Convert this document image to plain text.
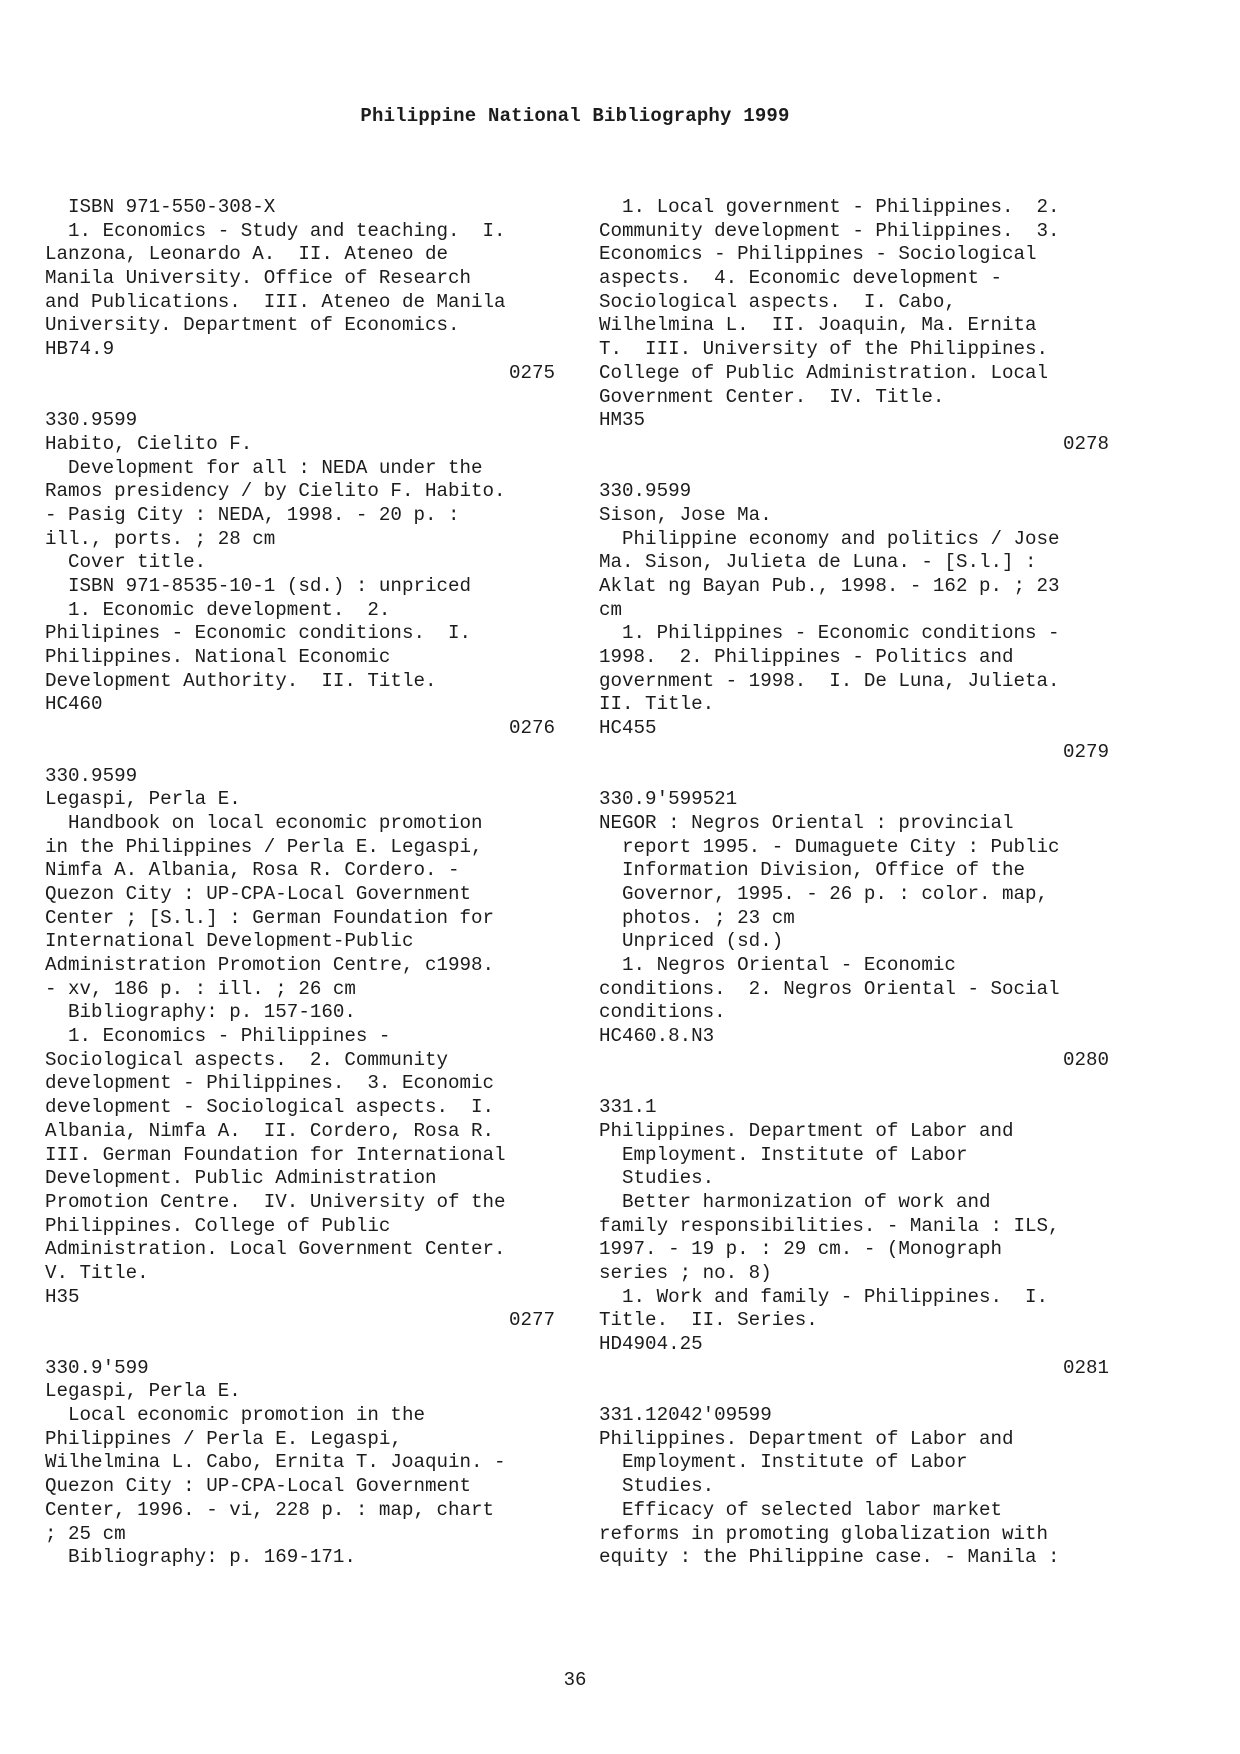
Philippine National Bibliography 1999
ISBN 971-550-308-X
1. Economics - Study and teaching.  I.
Lanzona, Leonardo A.  II. Ateneo de
Manila University. Office of Research
and Publications.  III. Ateneo de Manila
University. Department of Economics.
HB74.9
0275
330.9599
Habito, Cielito F.
Development for all : NEDA under the
Ramos presidency / by Cielito F. Habito.
- Pasig City : NEDA, 1998. - 20 p. :
ill., ports. ; 28 cm
Cover title.
ISBN 971-8535-10-1 (sd.) : unpriced
1. Economic development.  2.
Philipines - Economic conditions.  I.
Philippines. National Economic
Development Authority.  II. Title.
HC460
0276
330.9599
Legaspi, Perla E.
Handbook on local economic promotion
in the Philippines / Perla E. Legaspi,
Nimfa A. Albania, Rosa R. Cordero. -
Quezon City : UP-CPA-Local Government
Center ; [S.l.] : German Foundation for
International Development-Public
Administration Promotion Centre, c1998.
- xv, 186 p. : ill. ; 26 cm
Bibliography: p. 157-160.
1. Economics - Philippines -
Sociological aspects.  2. Community
development - Philippines.  3. Economic
development - Sociological aspects.  I.
Albania, Nimfa A.  II. Cordero, Rosa R.
III. German Foundation for International
Development. Public Administration
Promotion Centre.  IV. University of the
Philippines. College of Public
Administration. Local Government Center.
V. Title.
H35
0277
330.9'599
Legaspi, Perla E.
Local economic promotion in the
Philippines / Perla E. Legaspi,
Wilhelmina L. Cabo, Ernita T. Joaquin. -
Quezon City : UP-CPA-Local Government
Center, 1996. - vi, 228 p. : map, chart
; 25 cm
Bibliography: p. 169-171.
1. Local government - Philippines.  2.
Community development - Philippines.  3.
Economics - Philippines - Sociological
aspects.  4. Economic development -
Sociological aspects.  I. Cabo,
Wilhelmina L.  II. Joaquin, Ma. Ernita
T.  III. University of the Philippines.
College of Public Administration. Local
Government Center.  IV. Title.
HM35
0278
330.9599
Sison, Jose Ma.
Philippine economy and politics / Jose
Ma. Sison, Julieta de Luna. - [S.l.] :
Aklat ng Bayan Pub., 1998. - 162 p. ; 23
cm
1. Philippines - Economic conditions -
1998.  2. Philippines - Politics and
government - 1998.  I. De Luna, Julieta.
II. Title.
HC455
0279
330.9'599521
NEGOR : Negros Oriental : provincial
report 1995. - Dumaguete City : Public
Information Division, Office of the
Governor, 1995. - 26 p. : color. map,
photos. ; 23 cm
Unpriced (sd.)
1. Negros Oriental - Economic
conditions.  2. Negros Oriental - Social
conditions.
HC460.8.N3
0280
331.1
Philippines. Department of Labor and
Employment. Institute of Labor
Studies.
Better harmonization of work and
family responsibilities. - Manila : ILS,
1997. - 19 p. : 29 cm. - (Monograph
series ; no. 8)
1. Work and family - Philippines.  I.
Title.  II. Series.
HD4904.25
0281
331.12042'09599
Philippines. Department of Labor and
Employment. Institute of Labor
Studies.
Efficacy of selected labor market
reforms in promoting globalization with
equity : the Philippine case. - Manila :
36
